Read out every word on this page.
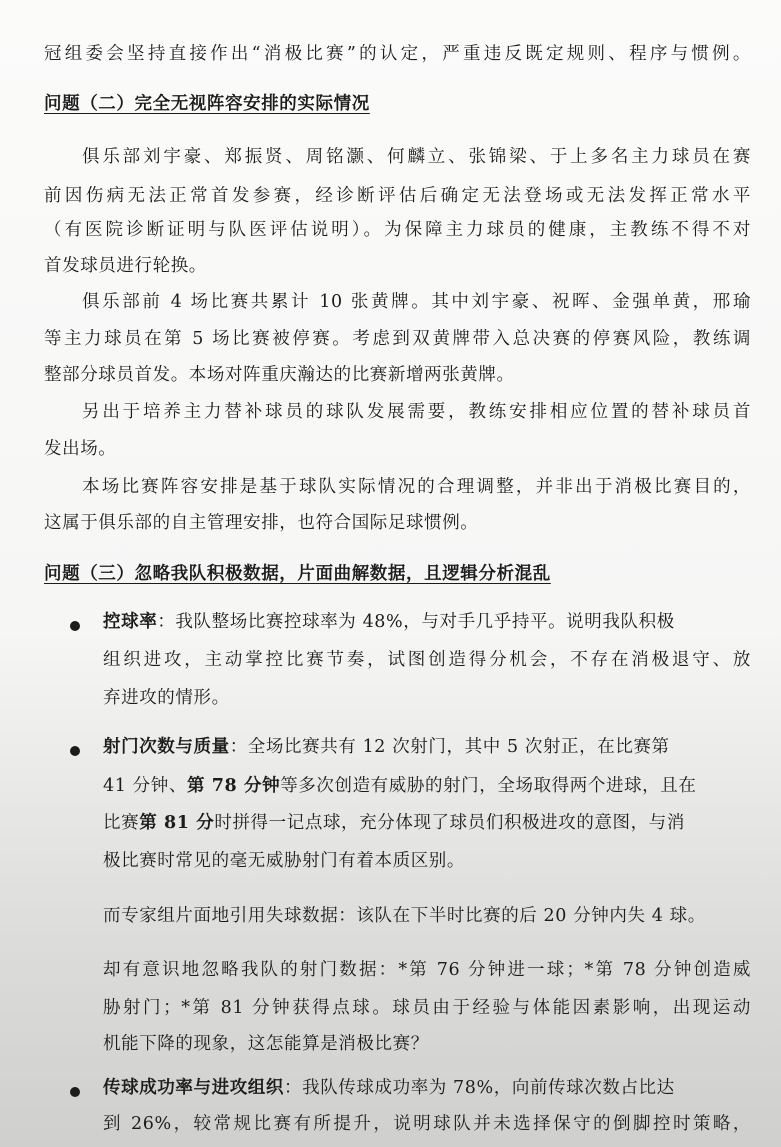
冠组委会坚持直接作出“消极比赛”的认定，严重违反既定规则、程序与惯例。
问题（二）完全无视阵容安排的实际情况
俱乐部刘宇豪、郑振贤、周铭灏、何麟立、张锦梁、于上多名主力球员在赛
前因伤病无法正常首发参赛，经诊断评估后确定无法登场或无法发挥正常水平
（有医院诊断证明与队医评估说明）。为保障主力球员的健康，主教练不得不对
首发球员进行轮换。
俱乐部前 4 场比赛共累计 10 张黄牌。其中刘宇豪、祝晖、金强单黄，邢瑜
等主力球员在第 5 场比赛被停赛。考虑到双黄牌带入总决赛的停赛风险，教练调
整部分球员首发。本场对阵重庆瀚达的比赛新增两张黄牌。
另出于培养主力替补球员的球队发展需要，教练安排相应位置的替补球员首
发出场。
本场比赛阵容安排是基于球队实际情况的合理调整，并非出于消极比赛目的，
这属于俱乐部的自主管理安排，也符合国际足球惯例。
问题（三）忽略我队积极数据，片面曲解数据，且逻辑分析混乱
控球率：我队整场比赛控球率为 48%，与对手几乎持平。说明我队积极
组织进攻，主动掌控比赛节奏，试图创造得分机会，不存在消极退守、放
弃进攻的情形。
射门次数与质量：全场比赛共有 12 次射门，其中 5 次射正，在比赛第
41 分钟、第 78 分钟等多次创造有威胁的射门，全场取得两个进球，且在
比赛第 81 分时拼得一记点球，充分体现了球员们积极进攻的意图，与消
极比赛时常见的毫无威胁射门有着本质区别。
而专家组片面地引用失球数据：该队在下半时比赛的后 20 分钟内失 4 球。
却有意识地忽略我队的射门数据：*第 76 分钟进一球；*第 78 分钟创造威
胁射门；*第 81 分钟获得点球。球员由于经验与体能因素影响，出现运动
机能下降的现象，这怎能算是消极比赛？
传球成功率与进攻组织：我队传球成功率为 78%，向前传球次数占比达
到 26%，较常规比赛有所提升，说明球队并未选择保守的倒脚控时策略，
